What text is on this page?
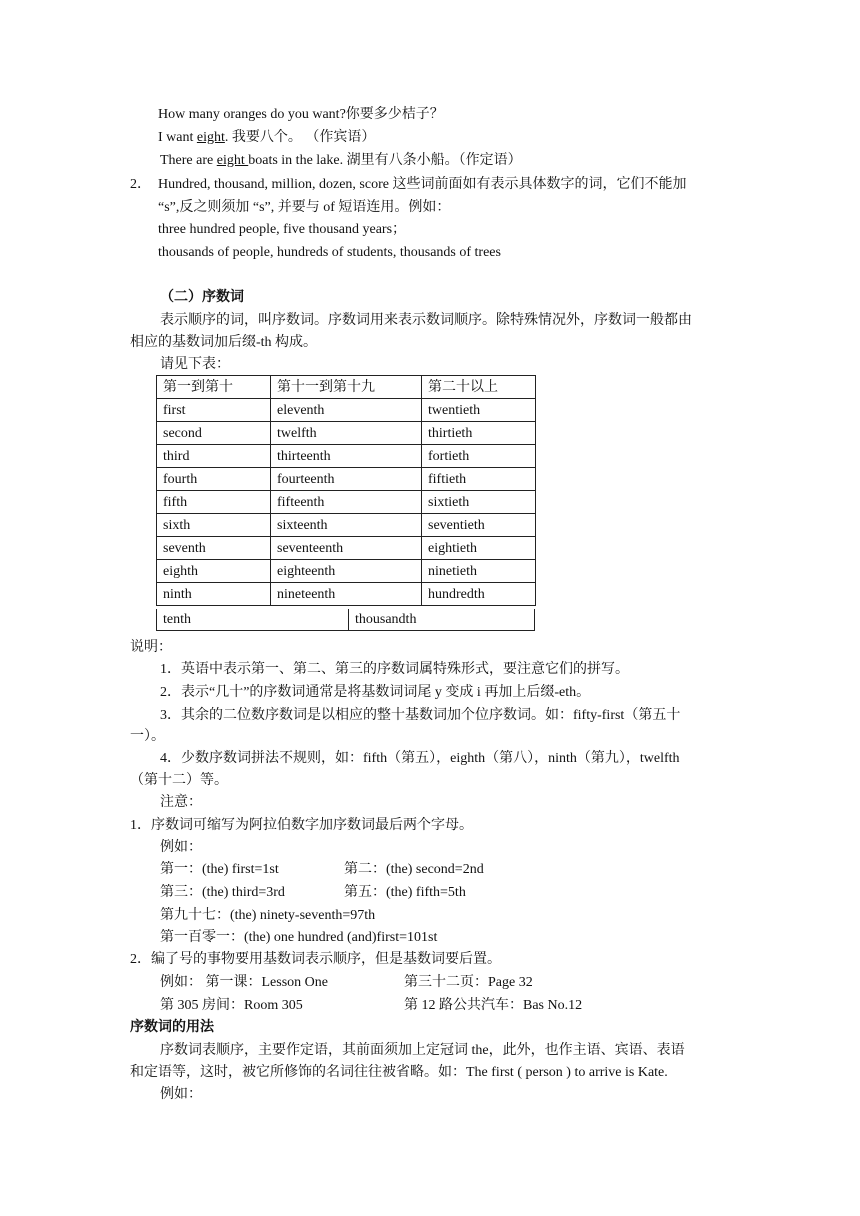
How many oranges do you want?你要多少桔子？
I want eight. 我要八个。 （作宾语）
There are eight boats in the lake. 湖里有八条小船。（作定语）
2． Hundred, thousand, million, dozen, score 这些词前面如有表示具体数字的词，它们不能加
“s”,反之则须加 “s”, 并要与 of 短语连用。例如：
three hundred people, five thousand years；
thousands of people, hundreds of students, thousands of trees
（二）序数词
表示顺序的词，叫序数词。序数词用来表示数词顺序。除特殊情况外，序数词一般都由
相应的基数词加后缀-th 构成。
请见下表：
第一到第十	第十一到第十九	第二十以上
first	eleventh	twentieth
second	twelfth	thirtieth
third	thirteenth	fortieth
fourth	fourteenth	fiftieth
fifth	fifteenth	sixtieth
sixth	sixteenth	seventieth
seventh	seventeenth	eightieth
eighth	eighteenth	ninetieth
ninth	nineteenth	hundredth
tenth	thousandth
说明：
1．英语中表示第一、第二、第三的序数词属特殊形式，要注意它们的拼写。
2．表示“几十”的序数词通常是将基数词词尾 y 变成 i 再加上后缀-eth。
3．其余的二位数序数词是以相应的整十基数词加个位序数词。如：fifty-first（第五十
一）。
4．少数序数词拼法不规则，如：fifth（第五），eighth（第八），ninth（第九），twelfth
（第十二）等。
注意：
1．序数词可缩写为阿拉伯数字加序数词最后两个字母。
例如：
第一：(the) first=1st	第二：(the) second=2nd
第三：(the) third=3rd	第五：(the) fifth=5th
第九十七：(the) ninety-seventh=97th
第一百零一：(the) one hundred (and)first=101st
2．编了号的事物要用基数词表示顺序，但是基数词要后置。
例如： 第一课：Lesson One	第三十二页：Page 32
第 305 房间：Room 305	第 12 路公共汽车：Bas No.12
序数词的用法
序数词表顺序，主要作定语，其前面须加上定冠词 the，此外，也作主语、宾语、表语
和定语等，这时，被它所修饰的名词往往被省略。如：The first ( person ) to arrive is Kate.
例如：
